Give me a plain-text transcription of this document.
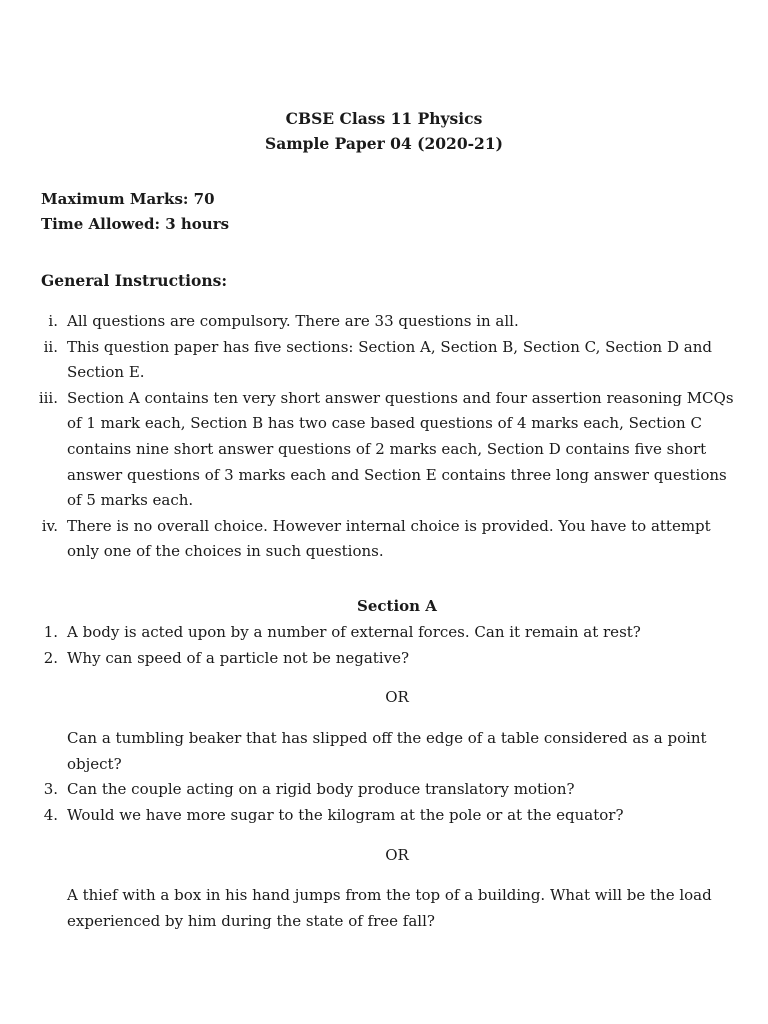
CBSE Class 11 Physics
Sample Paper 04 (2020-21)
Maximum Marks: 70
Time Allowed: 3 hours
General Instructions:
i. All questions are compulsory. There are 33 questions in all.
ii. This question paper has five sections: Section A, Section B, Section C, Section D and Section E.
iii. Section A contains ten very short answer questions and four assertion reasoning MCQs of 1 mark each, Section B has two case based questions of 4 marks each, Section C contains nine short answer questions of 2 marks each, Section D contains five short answer questions of 3 marks each and Section E contains three long answer questions of 5 marks each.
iv. There is no overall choice. However internal choice is provided. You have to attempt only one of the choices in such questions.
Section A
1. A body is acted upon by a number of external forces. Can it remain at rest?
2. Why can speed of a particle not be negative?
OR
Can a tumbling beaker that has slipped off the edge of a table considered as a point object?
3. Can the couple acting on a rigid body produce translatory motion?
4. Would we have more sugar to the kilogram at the pole or at the equator?
OR
A thief with a box in his hand jumps from the top of a building. What will be the load experienced by him during the state of free fall?
